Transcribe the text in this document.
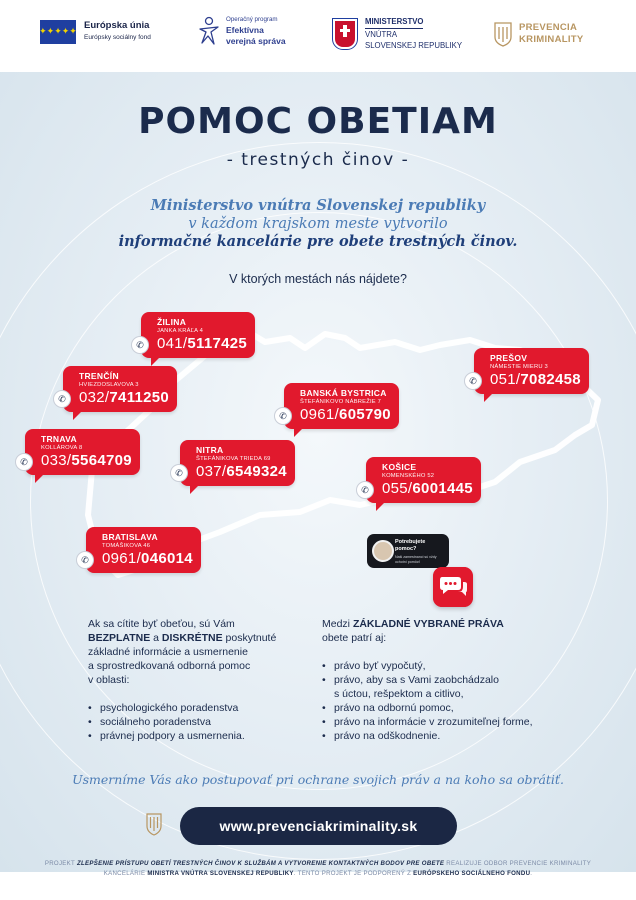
✦✦✦✦✦
Európska únia
Európsky sociálny fond
Operačný program
Efektívna
verejná správa
MINISTERSTVO
VNÚTRA
SLOVENSKEJ REPUBLIKY
PREVENCIA
KRIMINALITY
POMOC OBETIAM
- trestných činov -
Ministerstvo vnútra Slovenskej republiky
v každom krajskom meste vytvorilo
informačné kancelárie pre obete trestných činov.
V ktorých mestách nás nájdete?
ŽILINA
JANKA KRÁĽA 4
041/ 5117425
✆
TRENČÍN
HVIEZDOSLAVOVA 3
032/ 7411250
✆
TRNAVA
KOLLÁROVA 8
033/ 5564709
✆
BRATISLAVA
TOMÁŠIKOVA 46
0961/ 046014
✆
NITRA
ŠTEFÁNIKOVA TRIEDA 69
037/ 6549324
✆
BANSKÁ BYSTRICA
ŠTEFÁNIKOVO NÁBREŽIE 7
0961/ 605790
✆
KOŠICE
KOMENSKÉHO 52
055/ 6001445
✆
PREŠOV
NÁMESTIE MIERU 3
051/ 7082458
✆
Potrebujete pomoc?
Naši zamestnanci sú vždy ochotní pomôcť

Ak sa cítite byť obeťou, sú Vám

BEZPLATNE a DISKRÉTNE poskytnuté

základné informácie a usmernenie

a sprostredkovaná odborná pomoc

v oblasti:

• psychologického poradenstva
• sociálneho poradenstva
• právnej podpory a usmernenia.

Medzi ZÁKLADNÉ VYBRANÉ PRÁVA

obete patrí aj:

• právo byť vypočutý,
• právo, aby sa s Vami zaobchádzalo
s úctou, rešpektom a citlivo,
• právo na odbornú pomoc,
• právo na informácie v zrozumiteľnej forme,
• právo na odškodnenie.
Usmerníme Vás ako postupovať pri ochrane svojich práv a na koho sa obrátiť.
www.prevenciakriminality.sk
PROJEKT ZLEPŠENIE PRÍSTUPU OBETÍ TRESTNÝCH ČINOV K SLUŽBÁM A VYTVORENIE KONTAKTNÝCH BODOV PRE OBETE REALIZUJE ODBOR PREVENCIE KRIMINALITY
KANCELÁRIE MINISTRA VNÚTRA SLOVENSKEJ REPUBLIKY. TENTO PROJEKT JE PODPORENÝ Z EURÓPSKEHO SOCIÁLNEHO FONDU.
